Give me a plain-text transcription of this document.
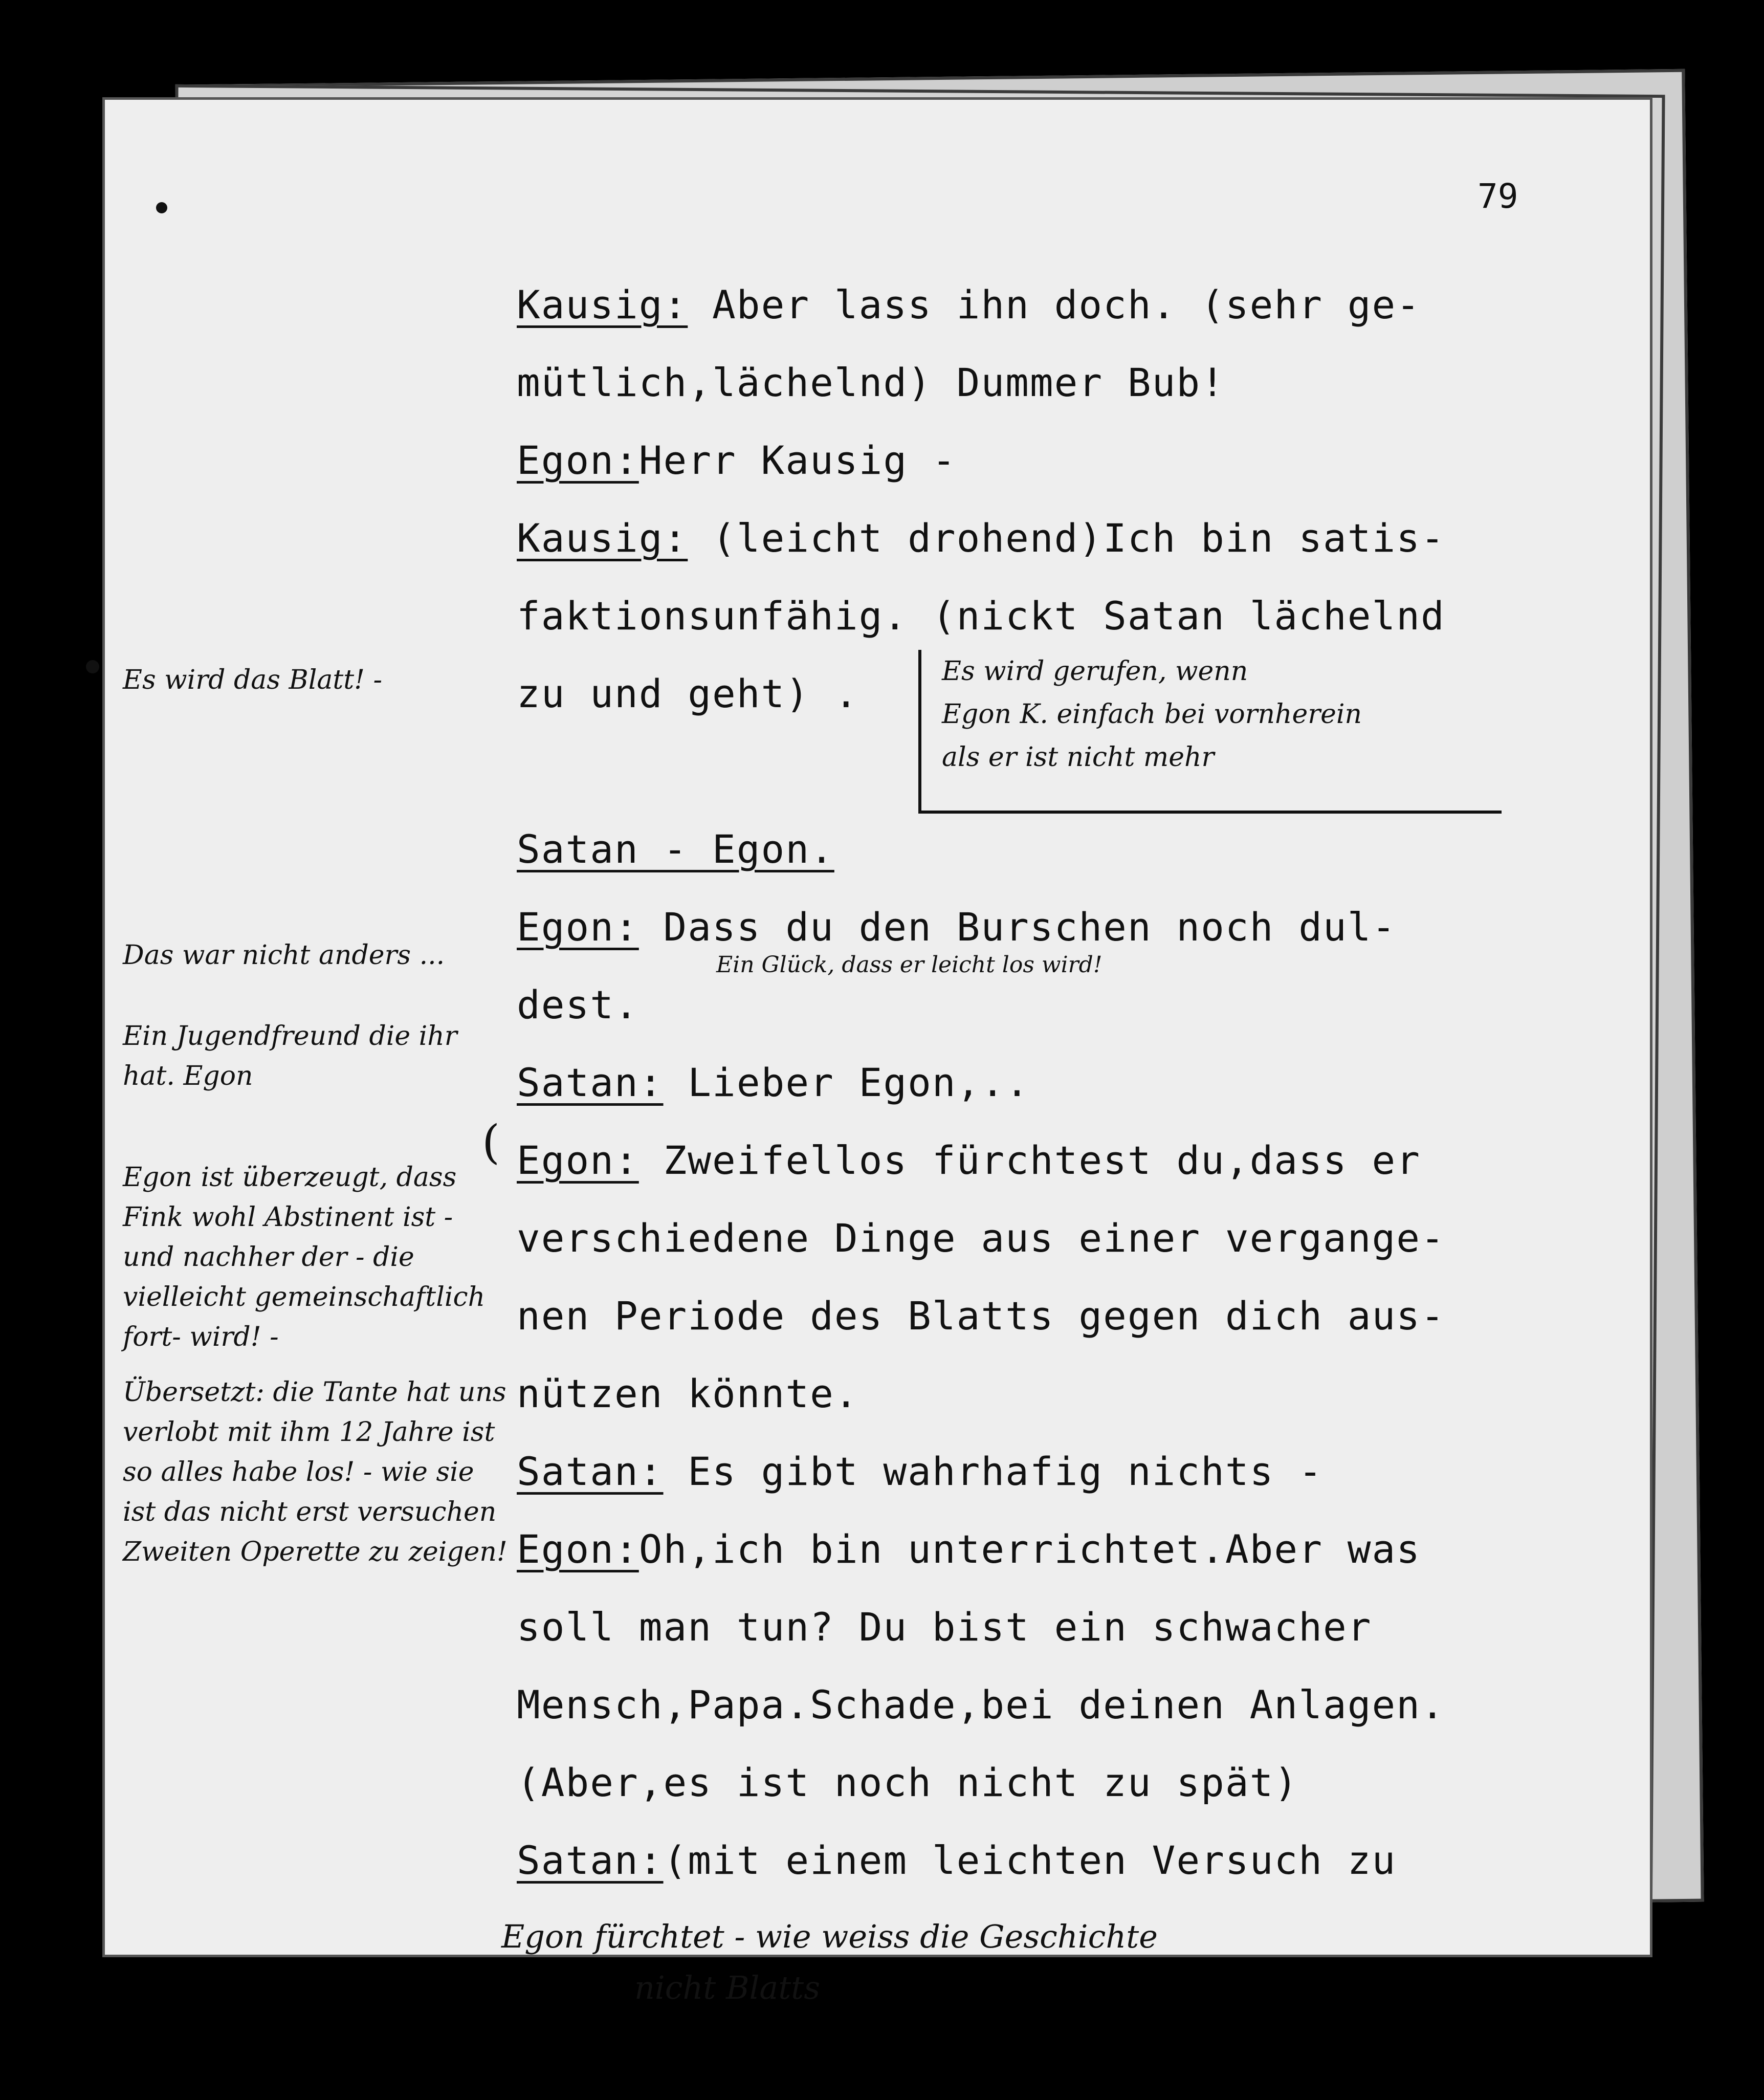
79
Kausig: Aber lass ihn doch. (sehr ge-
mütlich,lächelnd) Dummer Bub!
Egon:Herr Kausig -
Kausig: (leicht drohend)Ich bin satis-
faktionsunfähig. (nickt Satan lächelnd
zu und geht) .
Satan - Egon.
Egon: Dass du den Burschen noch dul-
dest.
Satan: Lieber Egon,..
Egon: Zweifellos fürchtest du,dass er
verschiedene Dinge aus einer vergange-
nen Periode des Blatts gegen dich aus-
nützen könnte.
Satan: Es gibt wahrhafig nichts -
Egon:Oh,ich bin unterrichtet.Aber was
soll man tun? Du bist ein schwacher
Mensch,Papa.Schade,bei deinen Anlagen.
(Aber,es ist noch nicht zu spät)
Satan:(mit einem leichten Versuch zu
Es wird gerufen, wenn
Egon K. einfach bei vornherein
als er ist nicht mehr
Ein Glück, dass er leicht los wird!
(
Es wird das Blatt! -
Das war nicht anders ...
Ein Jugendfreund die ihr hat. Egon
Egon ist überzeugt, dass Fink wohl Abstinent ist - und nachher der - die vielleicht gemeinschaftlich fort- wird! -
Übersetzt: die Tante hat uns verlobt mit ihm 12 Jahre ist so alles habe los! - wie sie ist das nicht erst versuchen Zweiten Operette zu zeigen!
Egon fürchtet - wie weiss die Geschichte
nicht Blatts
